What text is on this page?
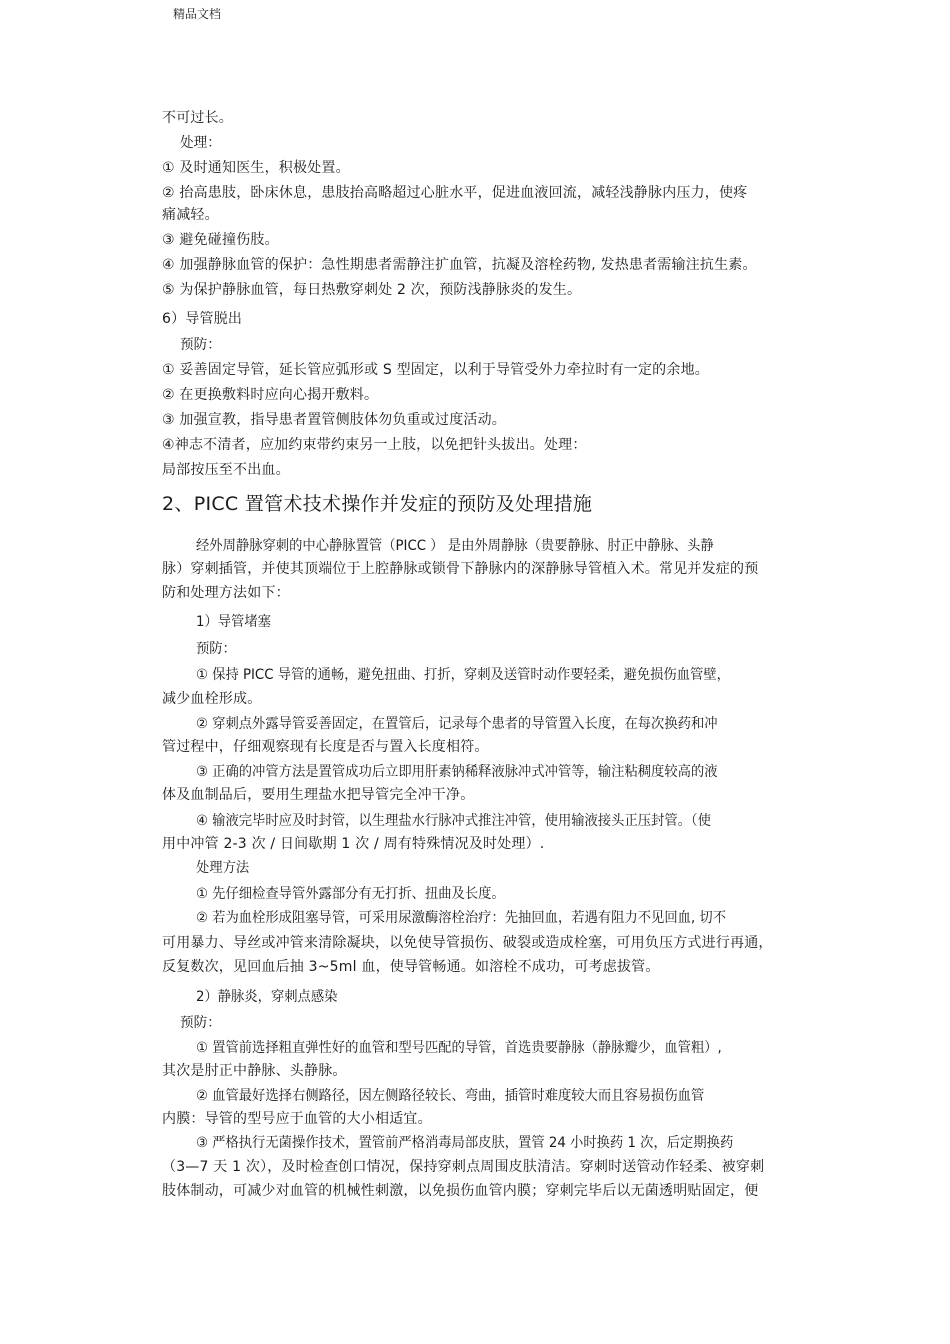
精品文档
不可过长。
处理：
① 及时通知医生，积极处置。
② 抬高患肢，卧床休息，患肢抬高略超过心脏水平，促进血液回流，减轻浅静脉内压力，使疼
痛减轻。
③ 避免碰撞伤肢。
④ 加强静脉血管的保护：急性期患者需静注扩血管，抗凝及溶栓药物, 发热患者需输注抗生素。
⑤ 为保护静脉血管，每日热敷穿刺处 2 次，预防浅静脉炎的发生。
6）导管脱出
预防：
① 妥善固定导管，延长管应弧形或 S 型固定，以利于导管受外力牵拉时有一定的余地。
② 在更换敷料时应向心揭开敷料。
③ 加强宣教，指导患者置管侧肢体勿负重或过度活动。
④神志不清者，应加约束带约束另一上肢，以免把针头拔出。处理：
局部按压至不出血。
2、PICC 置管术技术操作并发症的预防及处理措施
经外周静脉穿刺的中心静脉置管（PICC ） 是由外周静脉（贵要静脉、肘正中静脉、头静
脉）穿刺插管，并使其顶端位于上腔静脉或锁骨下静脉内的深静脉导管植入术。常见并发症的预
防和处理方法如下：
1）导管堵塞
预防：
① 保持 PICC 导管的通畅，避免扭曲、打折，穿刺及送管时动作要轻柔，避免损伤血管壁，
减少血栓形成。
② 穿刺点外露导管妥善固定，在置管后，记录每个患者的导管置入长度，在每次换药和冲
管过程中，仔细观察现有长度是否与置入长度相符。
③ 正确的冲管方法是置管成功后立即用肝素钠稀释液脉冲式冲管等，输注粘稠度较高的液
体及血制品后，要用生理盐水把导管完全冲干净。
④ 输液完毕时应及时封管，以生理盐水行脉冲式推注冲管，使用输液接头正压封管。（使
用中冲管 2-3 次 / 日间歇期 1 次 / 周有特殊情况及时处理）.
处理方法
① 先仔细检查导管外露部分有无打折、扭曲及长度。
② 若为血栓形成阻塞导管，可采用尿激酶溶栓治疗：先抽回血，若遇有阻力不见回血, 切不
可用暴力、导丝或冲管来清除凝块，以免使导管损伤、破裂或造成栓塞，可用负压方式进行再通，
反复数次，见回血后抽 3~5ml 血，使导管畅通。如溶栓不成功，可考虑拔管。
2）静脉炎，穿刺点感染
预防：
① 置管前选择粗直弹性好的血管和型号匹配的导管，首选贵要静脉（静脉瓣少，血管粗）,
其次是肘正中静脉、头静脉。
② 血管最好选择右侧路径，因左侧路径较长、弯曲，插管时难度较大而且容易损伤血管
内膜：导管的型号应于血管的大小相适宜。
③ 严格执行无菌操作技术，置管前严格消毒局部皮肤，置管 24 小时换药 1 次，后定期换药
（3—7 天 1 次），及时检查创口情况，保持穿刺点周围皮肤清洁。穿刺时送管动作轻柔、被穿刺
肢体制动，可减少对血管的机械性刺激，以免损伤血管内膜；穿刺完毕后以无菌透明贴固定，便
